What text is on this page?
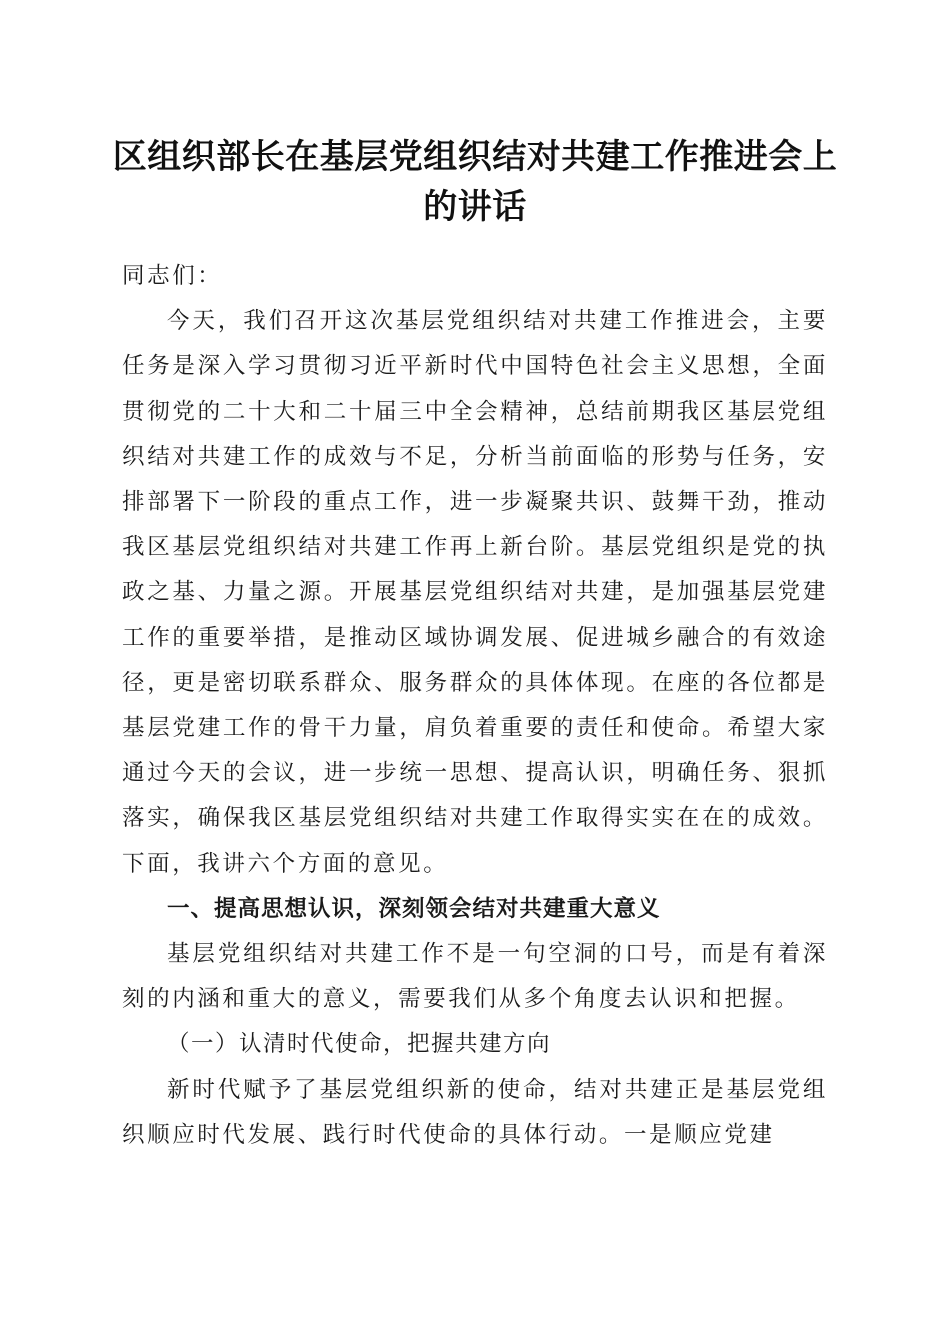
区组织部长在基层党组织结对共建工作推进会上的讲话

同志们：

今天，我们召开这次基层党组织结对共建工作推进会，主要任务是深入学习贯彻习近平新时代中国特色社会主义思想，全面贯彻党的二十大和二十届三中全会精神，总结前期我区基层党组织结对共建工作的成效与不足，分析当前面临的形势与任务，安排部署下一阶段的重点工作，进一步凝聚共识、鼓舞干劲，推动我区基层党组织结对共建工作再上新台阶。基层党组织是党的执政之基、力量之源。开展基层党组织结对共建，是加强基层党建工作的重要举措，是推动区域协调发展、促进城乡融合的有效途径，更是密切联系群众、服务群众的具体体现。在座的各位都是基层党建工作的骨干力量，肩负着重要的责任和使命。希望大家通过今天的会议，进一步统一思想、提高认识，明确任务、狠抓落实，确保我区基层党组织结对共建工作取得实实在在的成效。下面，我讲六个方面的意见。

一、提高思想认识，深刻领会结对共建重大意义

基层党组织结对共建工作不是一句空洞的口号，而是有着深刻的内涵和重大的意义，需要我们从多个角度去认识和把握。

（一）认清时代使命，把握共建方向

新时代赋予了基层党组织新的使命，结对共建正是基层党组织顺应时代发展、践行时代使命的具体行动。一是顺应党建
